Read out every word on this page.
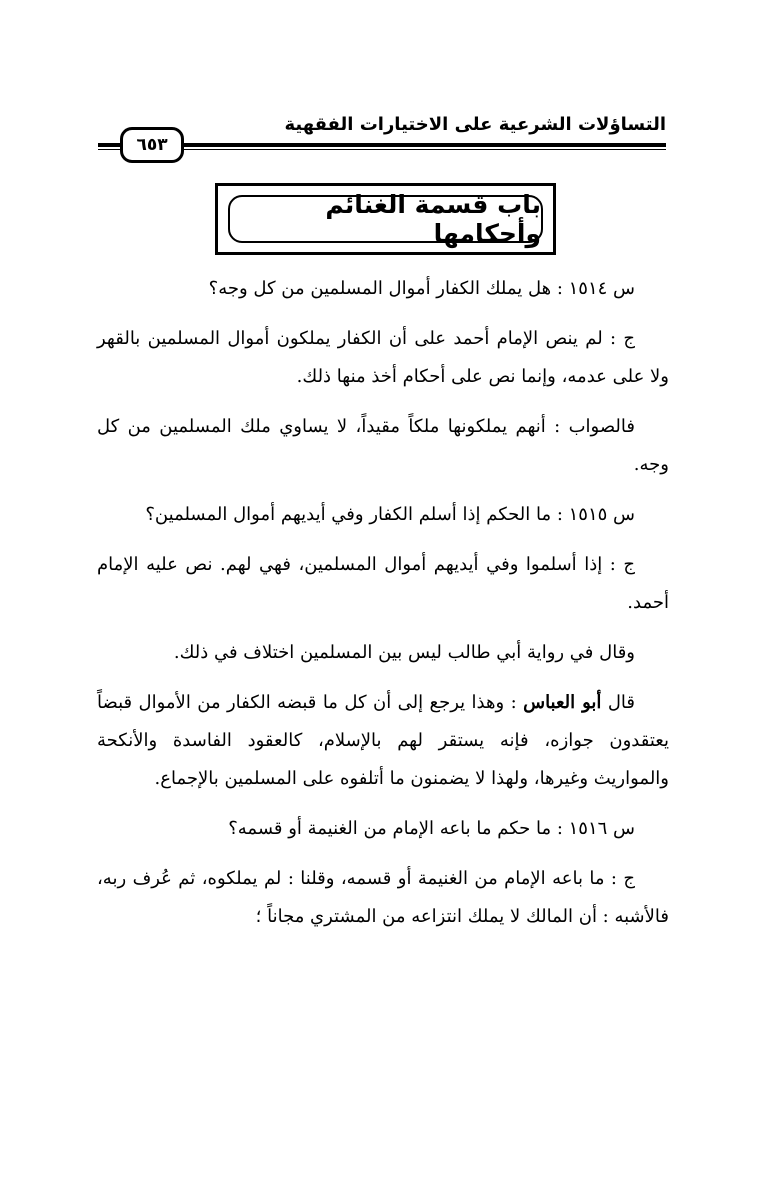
التساؤلات الشرعية على الاختيارات الفقهية
٦٥٣
باب قسمة الغنائم وأحكامها

س ١٥١٤ : هل يملك الكفار أموال المسلمين من كل وجه؟

ج : لم ينص الإمام أحمد على أن الكفار يملكون أموال المسلمين بالقهر ولا على عدمه، وإنما نص على أحكام أخذ منها ذلك.

فالصواب : أنهم يملكونها ملكاً مقيداً، لا يساوي ملك المسلمين من كل وجه.

س ١٥١٥ : ما الحكم إذا أسلم الكفار وفي أيديهم أموال المسلمين؟

ج : إذا أسلموا وفي أيديهم أموال المسلمين، فهي لهم. نص عليه الإمام أحمد.

وقال في رواية أبي طالب ليس بين المسلمين اختلاف في ذلك.

قال أبو العباس : وهذا يرجع إلى أن كل ما قبضه الكفار من الأموال قبضاً يعتقدون جوازه، فإنه يستقر لهم بالإسلام، كالعقود الفاسدة والأنكحة والمواريث وغيرها، ولهذا لا يضمنون ما أتلفوه على المسلمين بالإجماع.

س ١٥١٦ : ما حكم ما باعه الإمام من الغنيمة أو قسمه؟

ج : ما باعه الإمام من الغنيمة أو قسمه، وقلنا : لم يملكوه، ثم عُرف ربه، فالأشبه : أن المالك لا يملك انتزاعه من المشتري مجاناً ؛
